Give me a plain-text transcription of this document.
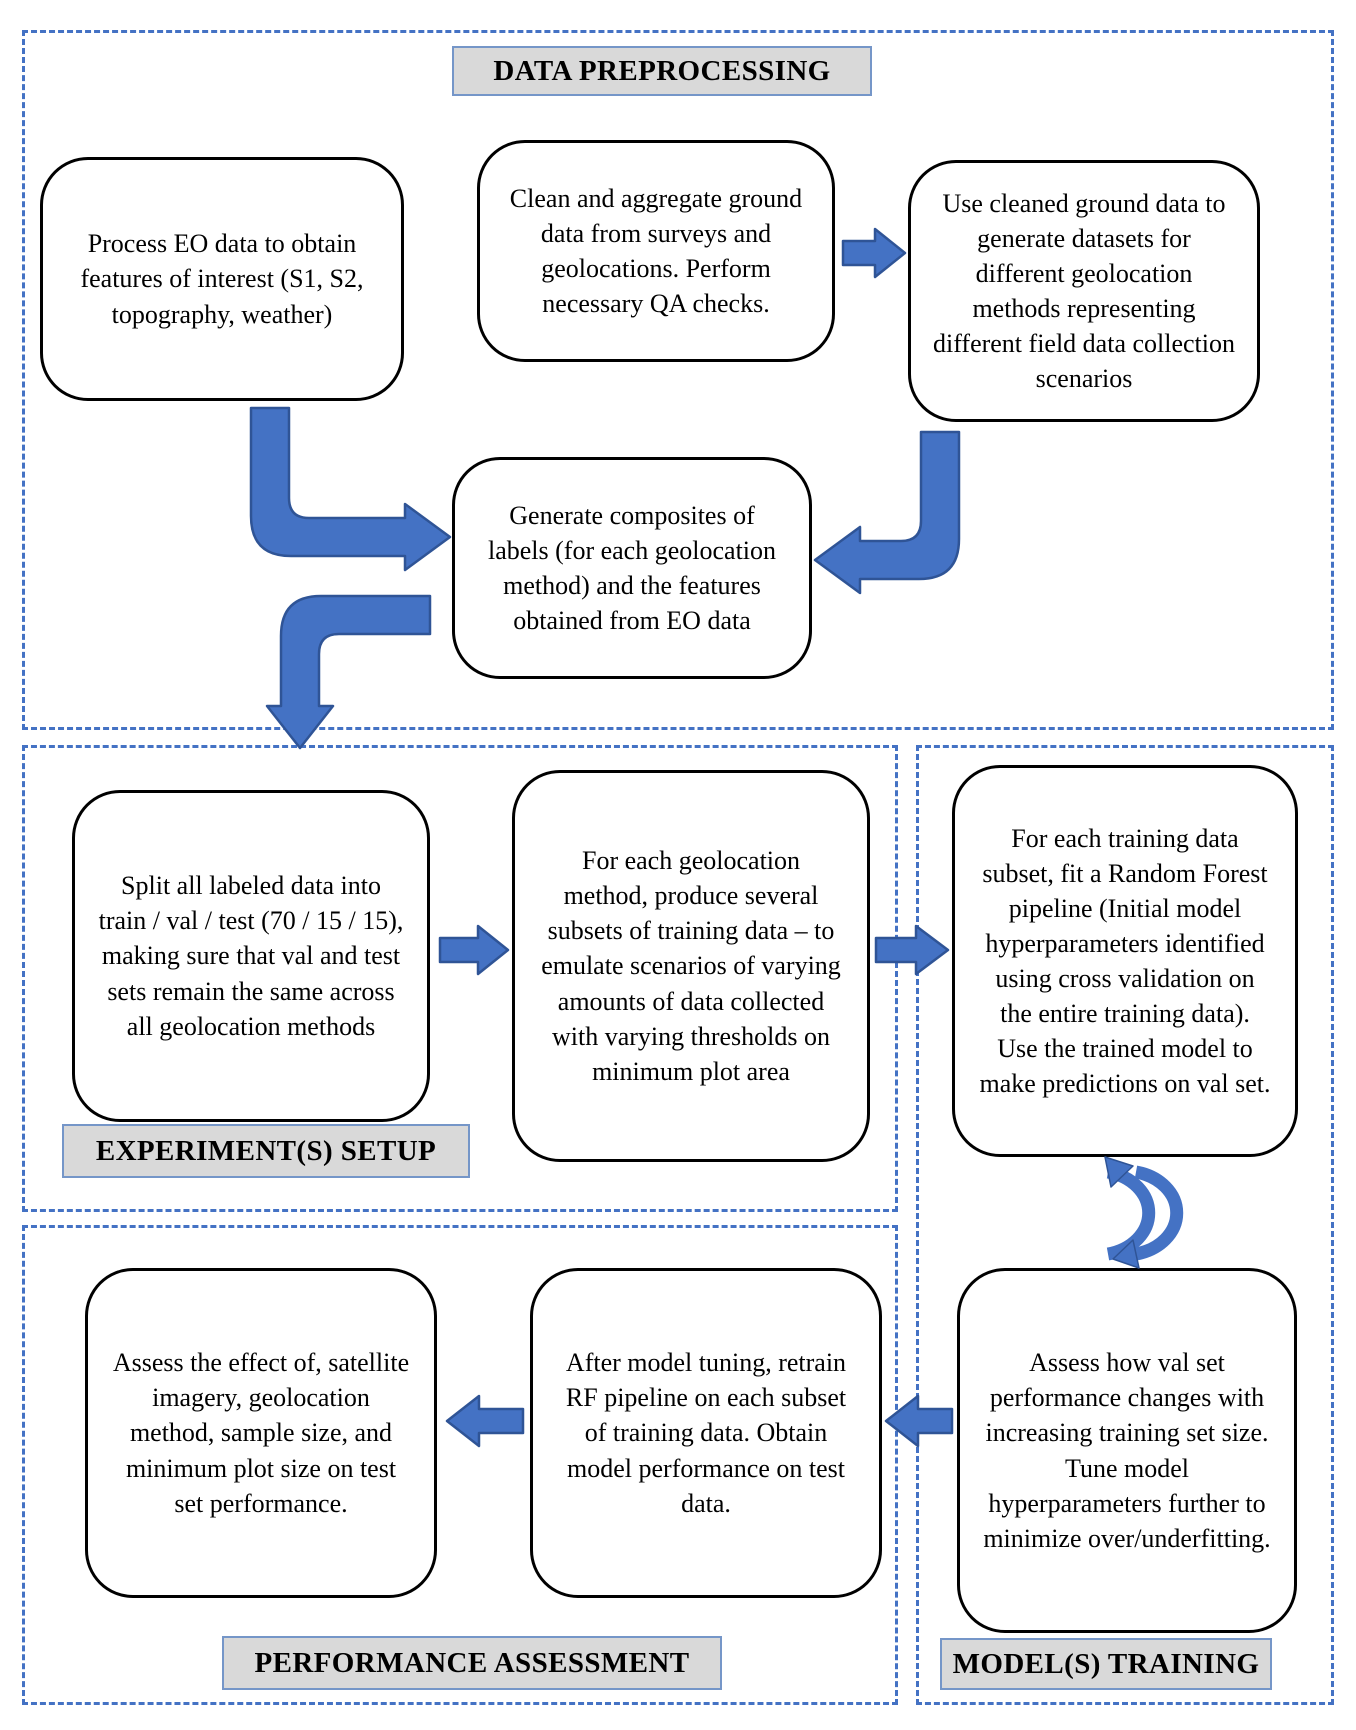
DATA PREPROCESSING
EXPERIMENT(S) SETUP
PERFORMANCE ASSESSMENT	MODEL(S) TRAINING
Process EO data to obtain features of interest (S1, S2, topography, weather)
Clean and aggregate ground data from surveys and geolocations. Perform necessary QA checks.
Use cleaned ground data to generate datasets for different geolocation methods representing different field data collection scenarios
Generate composites of labels (for each geolocation method) and the features obtained from EO data
Split all labeled data into train / val / test (70 / 15 / 15), making sure that val and test sets remain the same across all geolocation methods
For each geolocation method, produce several subsets of training data – to emulate scenarios of varying amounts of data collected with varying thresholds on minimum plot area
For each training data subset, fit a Random Forest pipeline (Initial model hyperparameters identified using cross validation on the entire training data). Use the trained model to make predictions on val set.
Assess how val set performance changes with increasing training set size. Tune model hyperparameters further to minimize over/underfitting.
After model tuning, retrain RF pipeline on each subset of training data. Obtain model performance on test data.
Assess the effect of, satellite imagery, geolocation method, sample size, and minimum plot size on test set performance.
